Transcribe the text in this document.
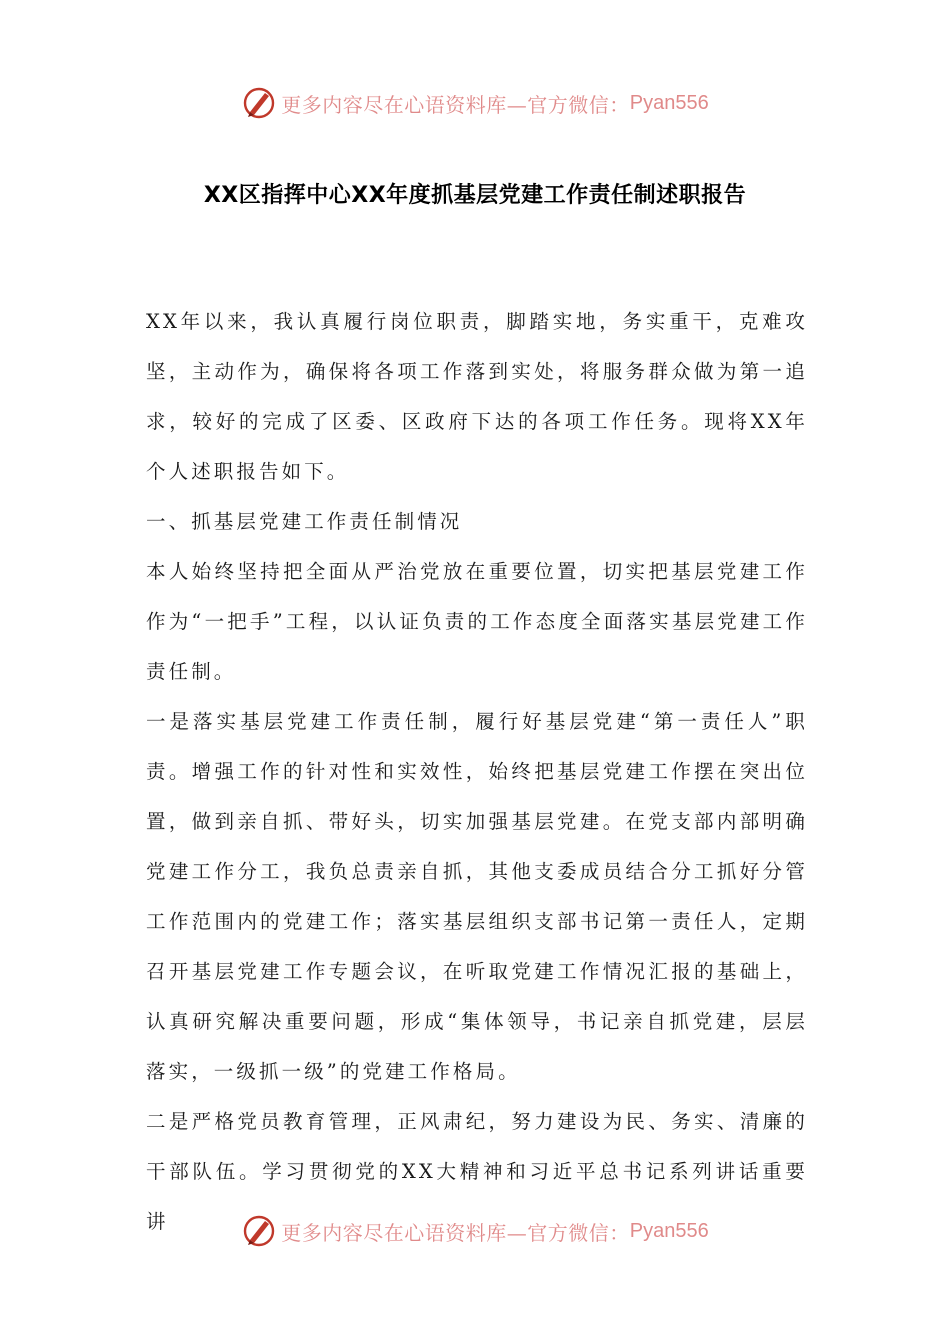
更多内容尽在心语资料库—官方微信： Pyan556
XX区指挥中心XX年度抓基层党建工作责任制述职报告

XX年以来，我认真履行岗位职责，脚踏实地，务实重干，克难攻坚，主动作为，确保将各项工作落到实处，将服务群众做为第一追求，较好的完成了区委、区政府下达的各项工作任务。现将XX年个人述职报告如下。

一、抓基层党建工作责任制情况

本人始终坚持把全面从严治党放在重要位置，切实把基层党建工作作为“一把手”工程，以认证负责的工作态度全面落实基层党建工作责任制。

一是落实基层党建工作责任制，履行好基层党建“第一责任人”职责。增强工作的针对性和实效性，始终把基层党建工作摆在突出位置，做到亲自抓、带好头，切实加强基层党建。在党支部内部明确党建工作分工，我负总责亲自抓，其他支委成员结合分工抓好分管工作范围内的党建工作；落实基层组织支部书记第一责任人，定期召开基层党建工作专题会议，在听取党建工作情况汇报的基础上，认真研究解决重要问题，形成“集体领导，书记亲自抓党建，层层落实，一级抓一级”的党建工作格局。

二是严格党员教育管理，正风肃纪，努力建设为民、务实、清廉的干部队伍。学习贯彻党的XX大精神和习近平总书记系列讲话重要讲	更多内容尽在心语资料库—官方微信： Pyan556
